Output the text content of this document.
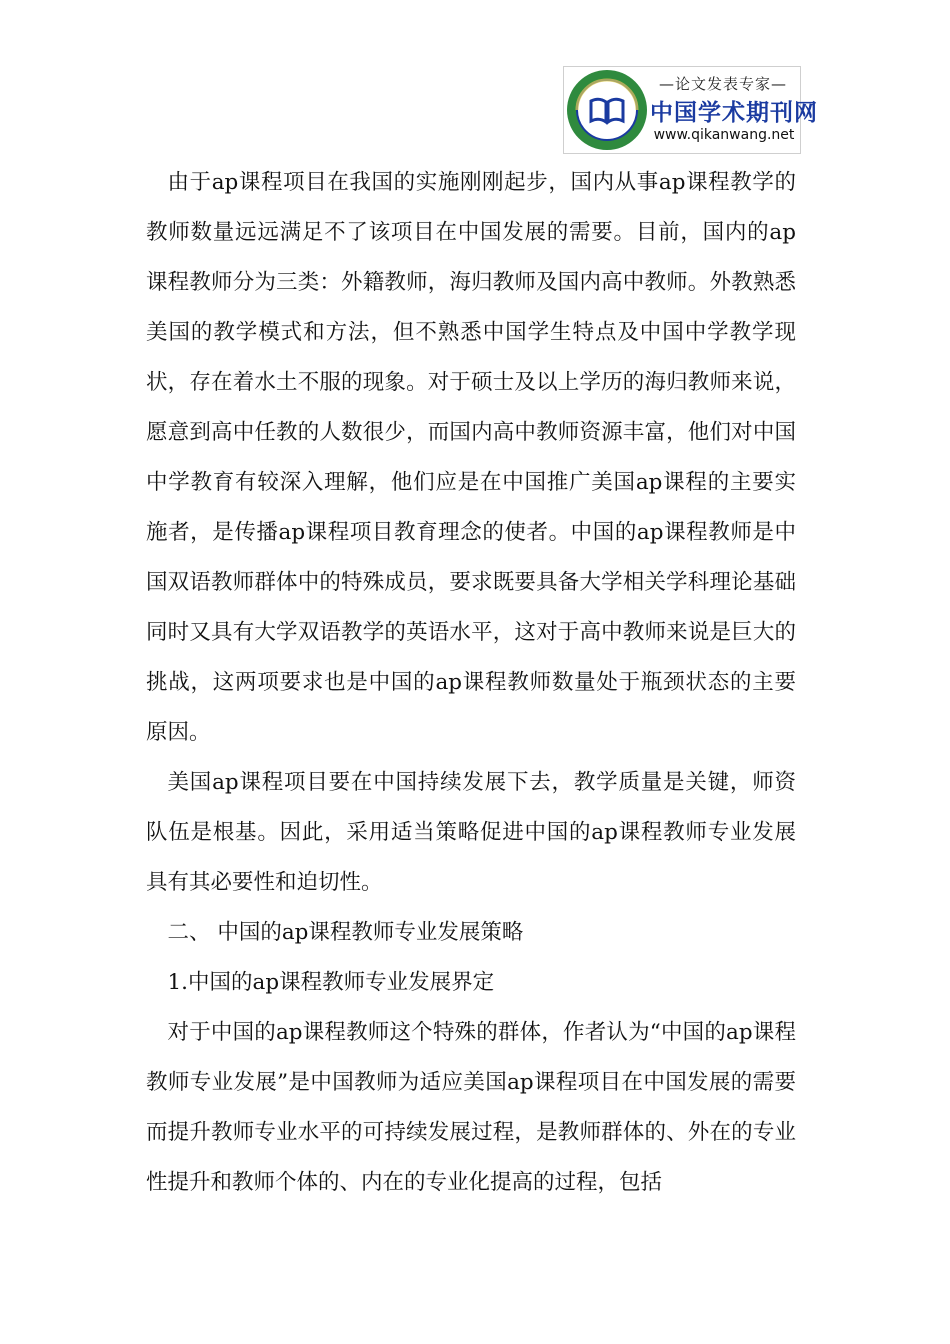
—论文发表专家—
中国学术期刊网
www.qikanwang.net

由于ap课程项目在我国的实施刚刚起步，国内从事ap课程教学的教师数量远远满足不了该项目在中国发展的需要。目前，国内的ap课程教师分为三类：外籍教师，海归教师及国内高中教师。外教熟悉美国的教学模式和方法，但不熟悉中国学生特点及中国中学教学现状，存在着水土不服的现象。对于硕士及以上学历的海归教师来说，愿意到高中任教的人数很少，而国内高中教师资源丰富，他们对中国中学教育有较深入理解，他们应是在中国推广美国ap课程的主要实施者，是传播ap课程项目教育理念的使者。中国的ap课程教师是中国双语教师群体中的特殊成员，要求既要具备大学相关学科理论基础同时又具有大学双语教学的英语水平，这对于高中教师来说是巨大的挑战，这两项要求也是中国的ap课程教师数量处于瓶颈状态的主要原因。

美国ap课程项目要在中国持续发展下去，教学质量是关键，师资队伍是根基。因此，采用适当策略促进中国的ap课程教师专业发展具有其必要性和迫切性。

二、 中国的ap课程教师专业发展策略

1.中国的ap课程教师专业发展界定

对于中国的ap课程教师这个特殊的群体，作者认为“中国的ap课程教师专业发展”是中国教师为适应美国ap课程项目在中国发展的需要而提升教师专业水平的可持续发展过程，是教师群体的、外在的专业性提升和教师个体的、内在的专业化提高的过程，包括
